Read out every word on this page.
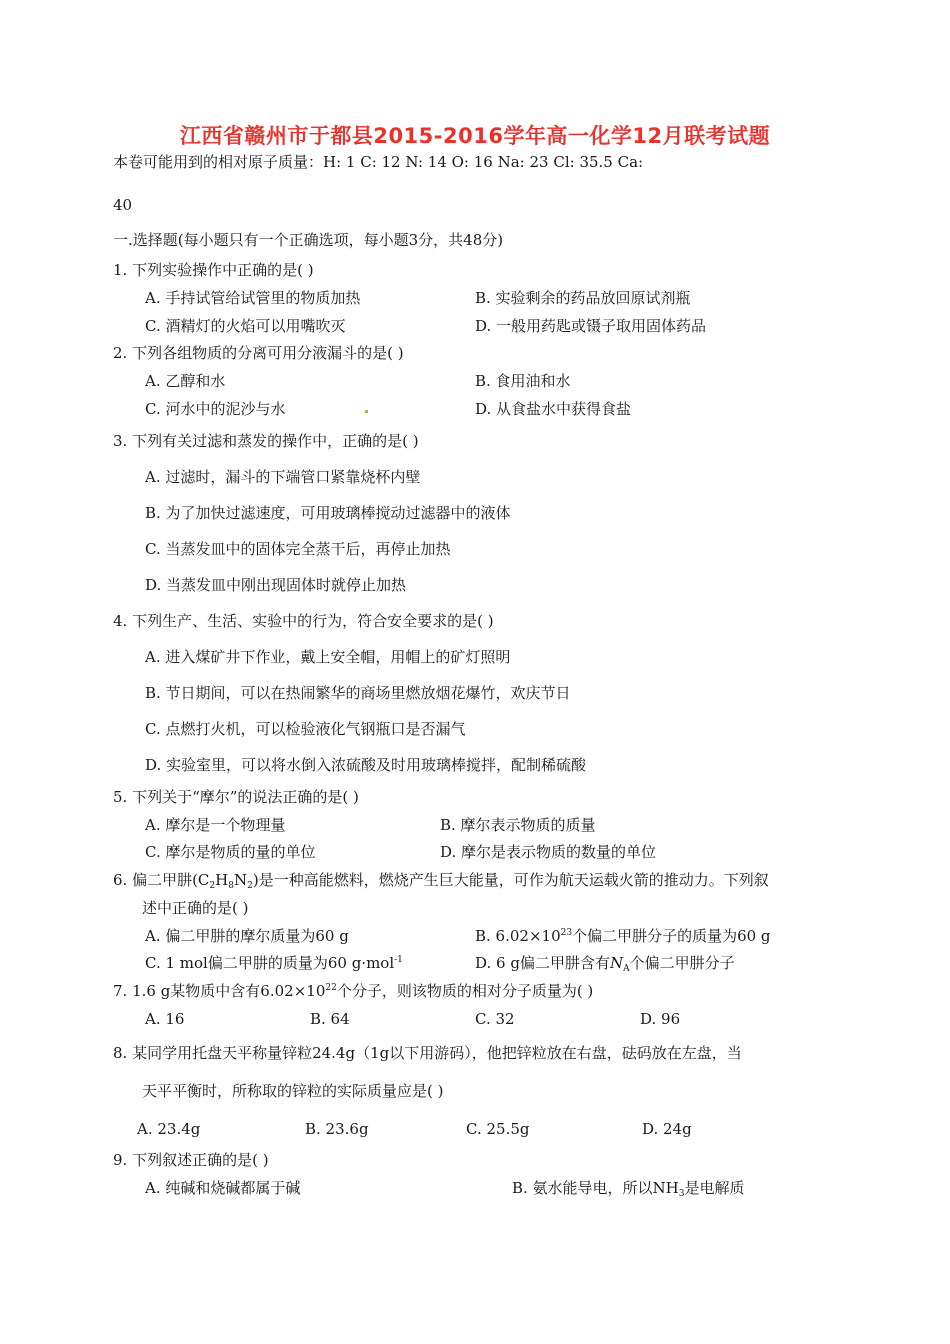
江西省赣州市于都县2015-2016学年高一化学12月联考试题
本卷可能用到的相对原子质量：H: 1 C: 12 N: 14 O: 16 Na: 23 Cl: 35.5 Ca:
40
一.选择题(每小题只有一个正确选项，每小题3分，共48分)
1. 下列实验操作中正确的是( )
A. 手持试管给试管里的物质加热	B. 实验剩余的药品放回原试剂瓶
C. 酒精灯的火焰可以用嘴吹灭	D. 一般用药匙或镊子取用固体药品
2. 下列各组物质的分离可用分液漏斗的是( )
A. 乙醇和水	B. 食用油和水
C. 河水中的泥沙与水	D. 从食盐水中获得食盐
3. 下列有关过滤和蒸发的操作中，正确的是( )
A. 过滤时，漏斗的下端管口紧靠烧杯内壁
B. 为了加快过滤速度，可用玻璃棒搅动过滤器中的液体
C. 当蒸发皿中的固体完全蒸干后，再停止加热
D. 当蒸发皿中刚出现固体时就停止加热
4. 下列生产、生活、实验中的行为，符合安全要求的是( )
A. 进入煤矿井下作业，戴上安全帽，用帽上的矿灯照明
B. 节日期间，可以在热闹繁华的商场里燃放烟花爆竹，欢庆节日
C. 点燃打火机，可以检验液化气钢瓶口是否漏气
D. 实验室里，可以将水倒入浓硫酸及时用玻璃棒搅拌，配制稀硫酸
5. 下列关于“摩尔”的说法正确的是( )
A. 摩尔是一个物理量	B. 摩尔表示物质的质量
C. 摩尔是物质的量的单位	D. 摩尔是表示物质的数量的单位
6. 偏二甲肼$(C_2H_8N_2)$是一种高能燃料，燃烧产生巨大能量，可作为航天运载火箭的推动力。下列叙
述中正确的是( )
A. 偏二甲肼的摩尔质量为60 g	B. $6.02\times 10^{23}$个偏二甲肼分子的质量为60 g
C. 1 mol偏二甲肼的质量为60 g·mol$^{-1}$	D. 6 g偏二甲肼含有$N_A$个偏二甲肼分子
7. 1.6 g某物质中含有$6.02\times 10^{22}$个分子，则该物质的相对分子质量为( )
A. 16	B. 64	C. 32	D. 96
8. 某同学用托盘天平称量锌粒24.4g（1g以下用游码），他把锌粒放在右盘，砝码放在左盘，当
天平平衡时，所称取的锌粒的实际质量应是( )
A. 23.4g	B. 23.6g	C. 25.5g	D. 24g
9. 下列叙述正确的是( )
A. 纯碱和烧碱都属于碱	B. 氨水能导电，所以$NH_3$是电解质
